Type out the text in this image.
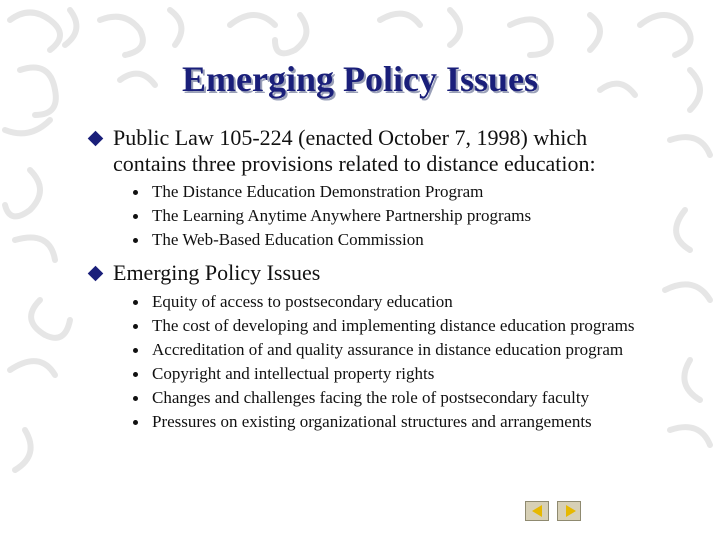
Emerging Policy Issues
Public Law 105-224 (enacted October 7, 1998) which
contains three provisions related to distance education:
The Distance Education Demonstration Program
The Learning Anytime Anywhere Partnership programs
The Web-Based Education Commission
Emerging Policy Issues
Equity of access to postsecondary education
The cost of developing and implementing distance education programs
Accreditation of and quality assurance in distance education program
Copyright and intellectual property rights
Changes and challenges facing the role of postsecondary faculty
Pressures on existing organizational structures and arrangements
